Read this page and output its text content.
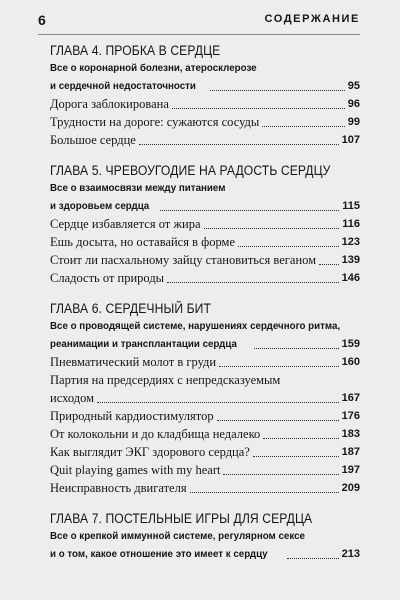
6	СОДЕРЖАНИЕ
ГЛАВА 4. ПРОБКА В СЕРДЦЕ
Все о коронарной болезни, атеросклерозе
и сердечной недостаточности	95
Дорога заблокирована	96
Трудности на дороге: сужаются сосуды	99
Большое сердце	107
ГЛАВА 5. ЧРЕВОУГОДИЕ НА РАДОСТЬ СЕРДЦУ
Все о взаимосвязи между питанием
и здоровьем сердца	115
Сердце избавляется от жира	116
Ешь досыта, но оставайся в форме	123
Стоит ли пасхальному зайцу становиться веганом 139
Сладость от природы	146
ГЛАВА 6. СЕРДЕЧНЫЙ БИТ
Все о проводящей системе, нарушениях сердечного ритма,
реанимации и трансплантации сердца	159
Пневматический молот в груди	160
Партия на предсердиях с непредсказуемым
исходом	167
Природный кардиостимулятор	176
От колокольни и до кладбища недалеко	183
Как выглядит ЭКГ здорового сердца?	187
Quit playing games with my heart	197
Неисправность двигателя	209
ГЛАВА 7. ПОСТЕЛЬНЫЕ ИГРЫ ДЛЯ СЕРДЦА
Все о крепкой иммунной системе, регулярном сексе
и о том, какое отношение это имеет к сердцу	213
